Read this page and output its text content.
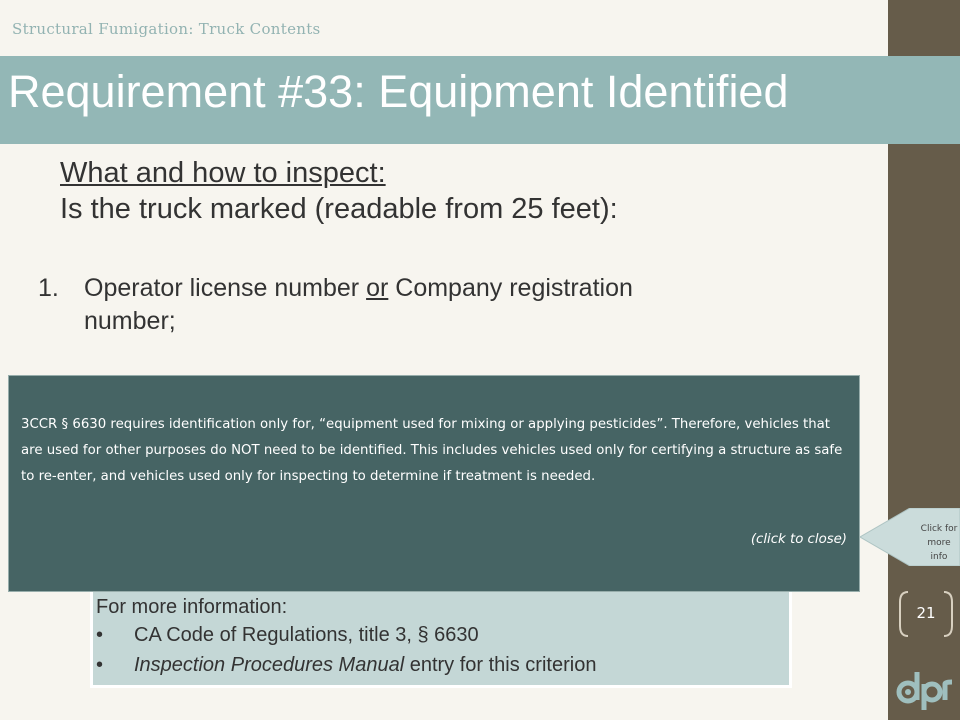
Structural Fumigation: Truck Contents
Requirement #33: Equipment Identified
What and how to inspect:
Is the truck marked (readable from 25 feet):
1. Operator license number or Company registration
number;
For more information:
• CA Code of Regulations, title 3, § 6630
• Inspection Procedures Manual entry for this criterion
3CCR § 6630 requires identification only for, “equipment used for mixing or applying pesticides”. Therefore, vehicles that are used for other purposes do NOT need to be identified. This includes vehicles used only for certifying a structure as safe to re-enter, and vehicles used only for inspecting to determine if treatment is needed.
(click to close)
Click for
more info
21
